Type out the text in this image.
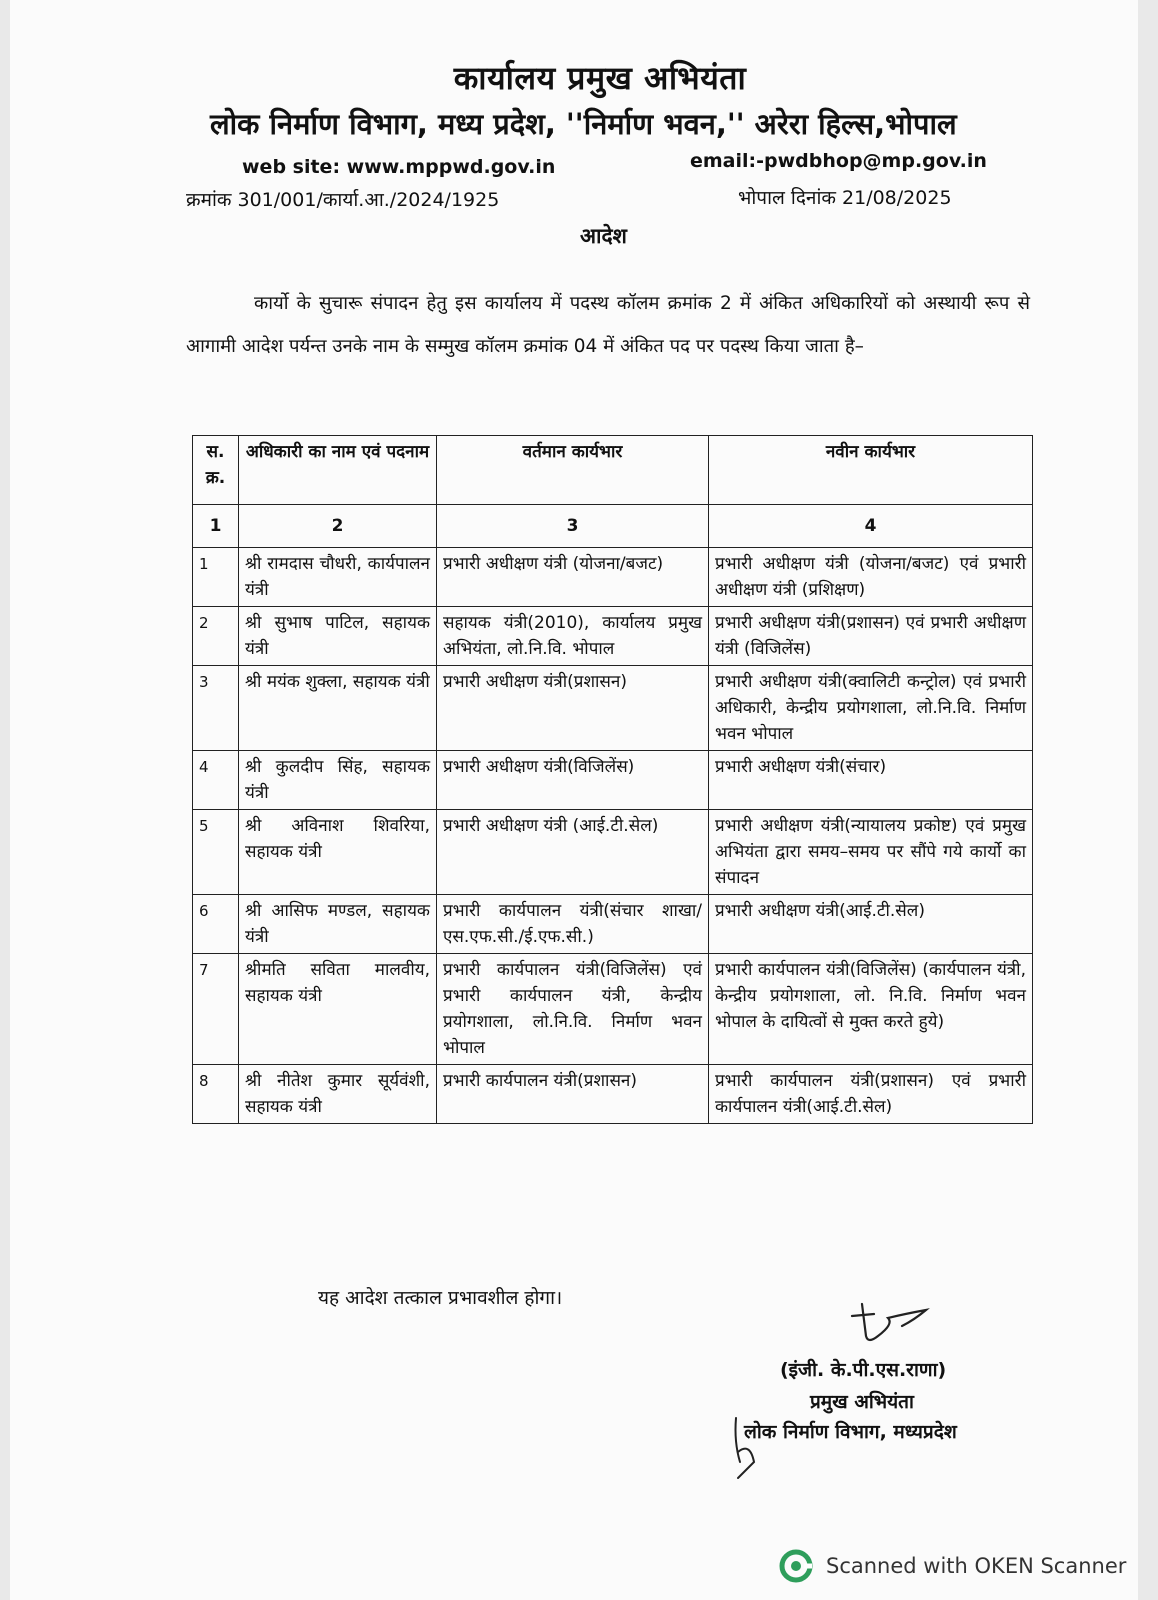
कार्यालय प्रमुख अभियंता
लोक निर्माण विभाग, मध्य प्रदेश, ''निर्माण भवन,'' अरेरा हिल्स,भोपाल
web site: www.mppwd.gov.in	email:-pwdbhop@mp.gov.in
क्रमांक 301/001/कार्या.आ./2024/1925	भोपाल दिनांक 21/08/2025
आदेश
कार्यो के सुचारू संपादन हेतु इस कार्यालय में पदस्थ कॉलम क्रमांक 2 में अंकित अधिकारियों को अस्थायी रूप से आगामी आदेश पर्यन्त उनके नाम के सम्मुख कॉलम क्रमांक 04 में अंकित पद पर पदस्थ किया जाता है–
स. क्र.	अधिकारी का नाम एवं पदनाम	वर्तमान कार्यभार	नवीन कार्यभार
1	2	3	4
1	श्री रामदास चौधरी, कार्यपालन यंत्री	प्रभारी अधीक्षण यंत्री (योजना/बजट)	प्रभारी अधीक्षण यंत्री (योजना/बजट) एवं प्रभारी अधीक्षण यंत्री (प्रशिक्षण)
2	श्री सुभाष पाटिल, सहायक यंत्री	सहायक यंत्री(2010), कार्यालय प्रमुख अभियंता, लो.नि.वि. भोपाल	प्रभारी अधीक्षण यंत्री(प्रशासन) एवं प्रभारी अधीक्षण यंत्री (विजिलेंस)
3	श्री मयंक शुक्ला, सहायक यंत्री	प्रभारी अधीक्षण यंत्री(प्रशासन)	प्रभारी अधीक्षण यंत्री(क्वालिटी कन्ट्रोल) एवं प्रभारी अधिकारी, केन्द्रीय प्रयोगशाला, लो.नि.वि. निर्माण भवन भोपाल
4	श्री कुलदीप सिंह, सहायक यंत्री	प्रभारी अधीक्षण यंत्री(विजिलेंस)	प्रभारी अधीक्षण यंत्री(संचार)
5	श्री अविनाश शिवरिया, सहायक यंत्री	प्रभारी अधीक्षण यंत्री (आई.टी.सेल)	प्रभारी अधीक्षण यंत्री(न्यायालय प्रकोष्ट) एवं प्रमुख अभियंता द्वारा समय–समय पर सौंपे गये कार्यो का संपादन
6	श्री आसिफ मण्डल, सहायक यंत्री	प्रभारी कार्यपालन यंत्री(संचार शाखा/एस.एफ.सी./ई.एफ.सी.)	प्रभारी अधीक्षण यंत्री(आई.टी.सेल)
7	श्रीमति सविता मालवीय, सहायक यंत्री	प्रभारी कार्यपालन यंत्री(विजिलेंस) एवं प्रभारी कार्यपालन यंत्री, केन्द्रीय प्रयोगशाला, लो.नि.वि. निर्माण भवन भोपाल	प्रभारी कार्यपालन यंत्री(विजिलेंस) (कार्यपालन यंत्री, केन्द्रीय प्रयोगशाला, लो. नि.वि. निर्माण भवन भोपाल के दायित्वों से मुक्त करते हुये)
8	श्री नीतेश कुमार सूर्यवंशी, सहायक यंत्री	प्रभारी कार्यपालन यंत्री(प्रशासन)	प्रभारी कार्यपालन यंत्री(प्रशासन) एवं प्रभारी कार्यपालन यंत्री(आई.टी.सेल)
यह आदेश तत्काल प्रभावशील होगा।
(इंजी. के.पी.एस.राणा)
प्रमुख अभियंता
लोक निर्माण विभाग, मध्यप्रदेश
Scanned with OKEN Scanner
